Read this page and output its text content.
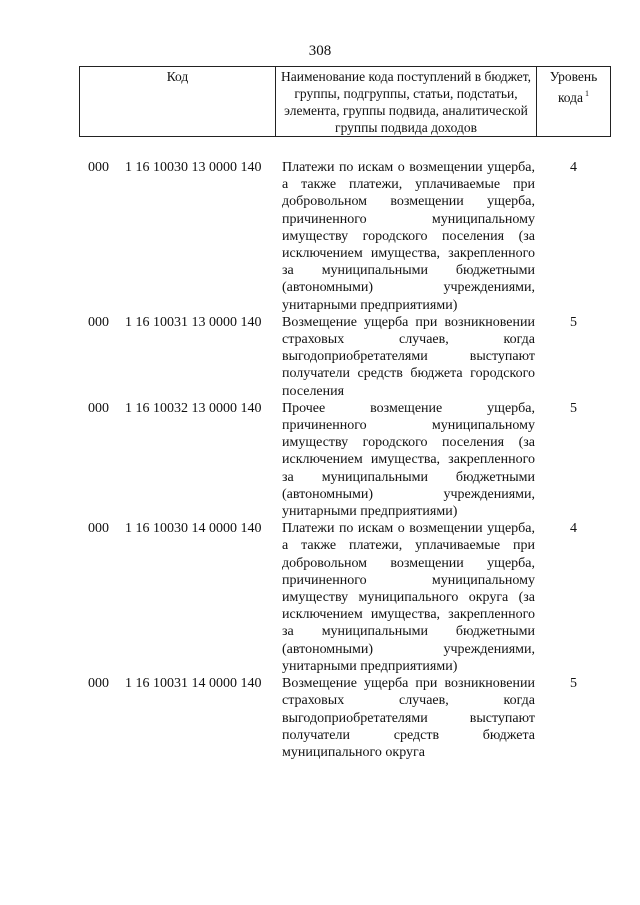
308
Код	Наименование кода поступлений в бюджет, группы, подгруппы, статьи, подстатьи, элемента, группы подвида, аналитической группы подвида доходов
Уровень кода $^1$
000 1 16 10030 13 0000 140 Платежи по искам о возмещении ущерба, а также платежи, уплачиваемые при добровольном возмещении ущерба, причиненного муниципальному имуществу городского поселения (за исключением имущества, закрепленного за муниципальными бюджетными (автономными) учреждениями, унитарными предприятиями)
4
000 1 16 10031 13 0000 140 Возмещение ущерба при возникновении страховых случаев, когда выгодоприобретателями выступают получатели средств бюджета городского поселения
5
000 1 16 10032 13 0000 140 Прочее возмещение ущерба, причиненного муниципальному имуществу городского поселения (за исключением имущества, закрепленного за муниципальными бюджетными (автономными) учреждениями, унитарными предприятиями)
5
000 1 16 10030 14 0000 140 Платежи по искам о возмещении ущерба, а также платежи, уплачиваемые при добровольном возмещении ущерба, причиненного муниципальному имуществу муниципального округа (за исключением имущества, закрепленного за муниципальными бюджетными (автономными) учреждениями, унитарными предприятиями)
4
000 1 16 10031 14 0000 140 Возмещение ущерба при возникновении страховых случаев, когда выгодоприобретателями выступают получатели средств бюджета муниципального округа
5
